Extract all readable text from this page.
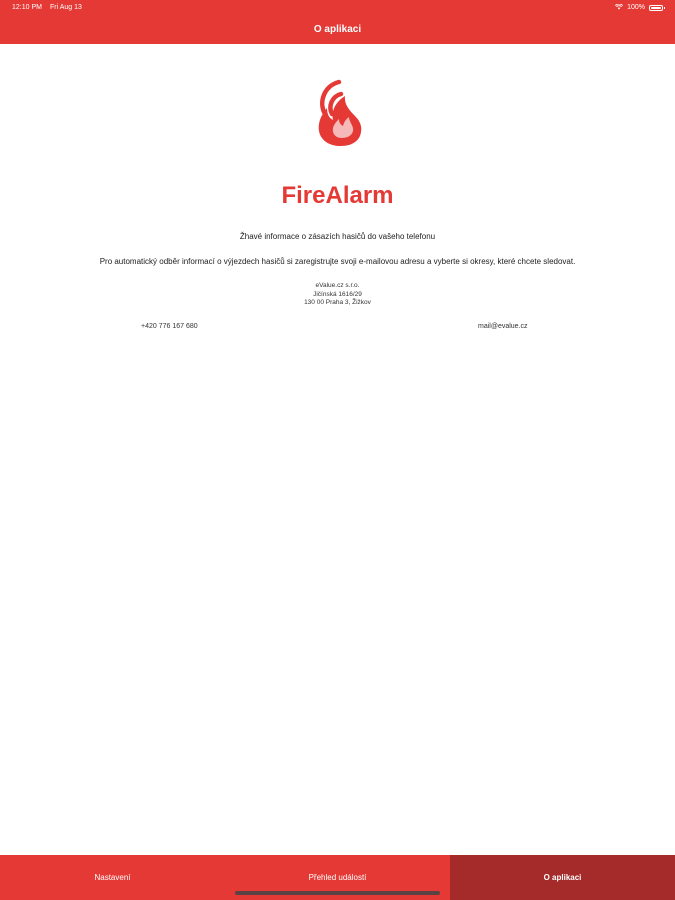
12:10 PM Fri Aug 13	100%
O aplikaci
FireAlarm
Žhavé informace o zásazích hasičů do vašeho telefonu
Pro automatický odběr informací o výjezdech hasičů si zaregistrujte svoji e-mailovou adresu a vyberte si okresy, které chcete sledovat.
eValue.cz s.r.o.
Jičínská 1616/29
130 00 Praha 3, Žižkov
+420 776 167 680	mail@evalue.cz
Nastavení	Přehled událostí	O aplikaci
